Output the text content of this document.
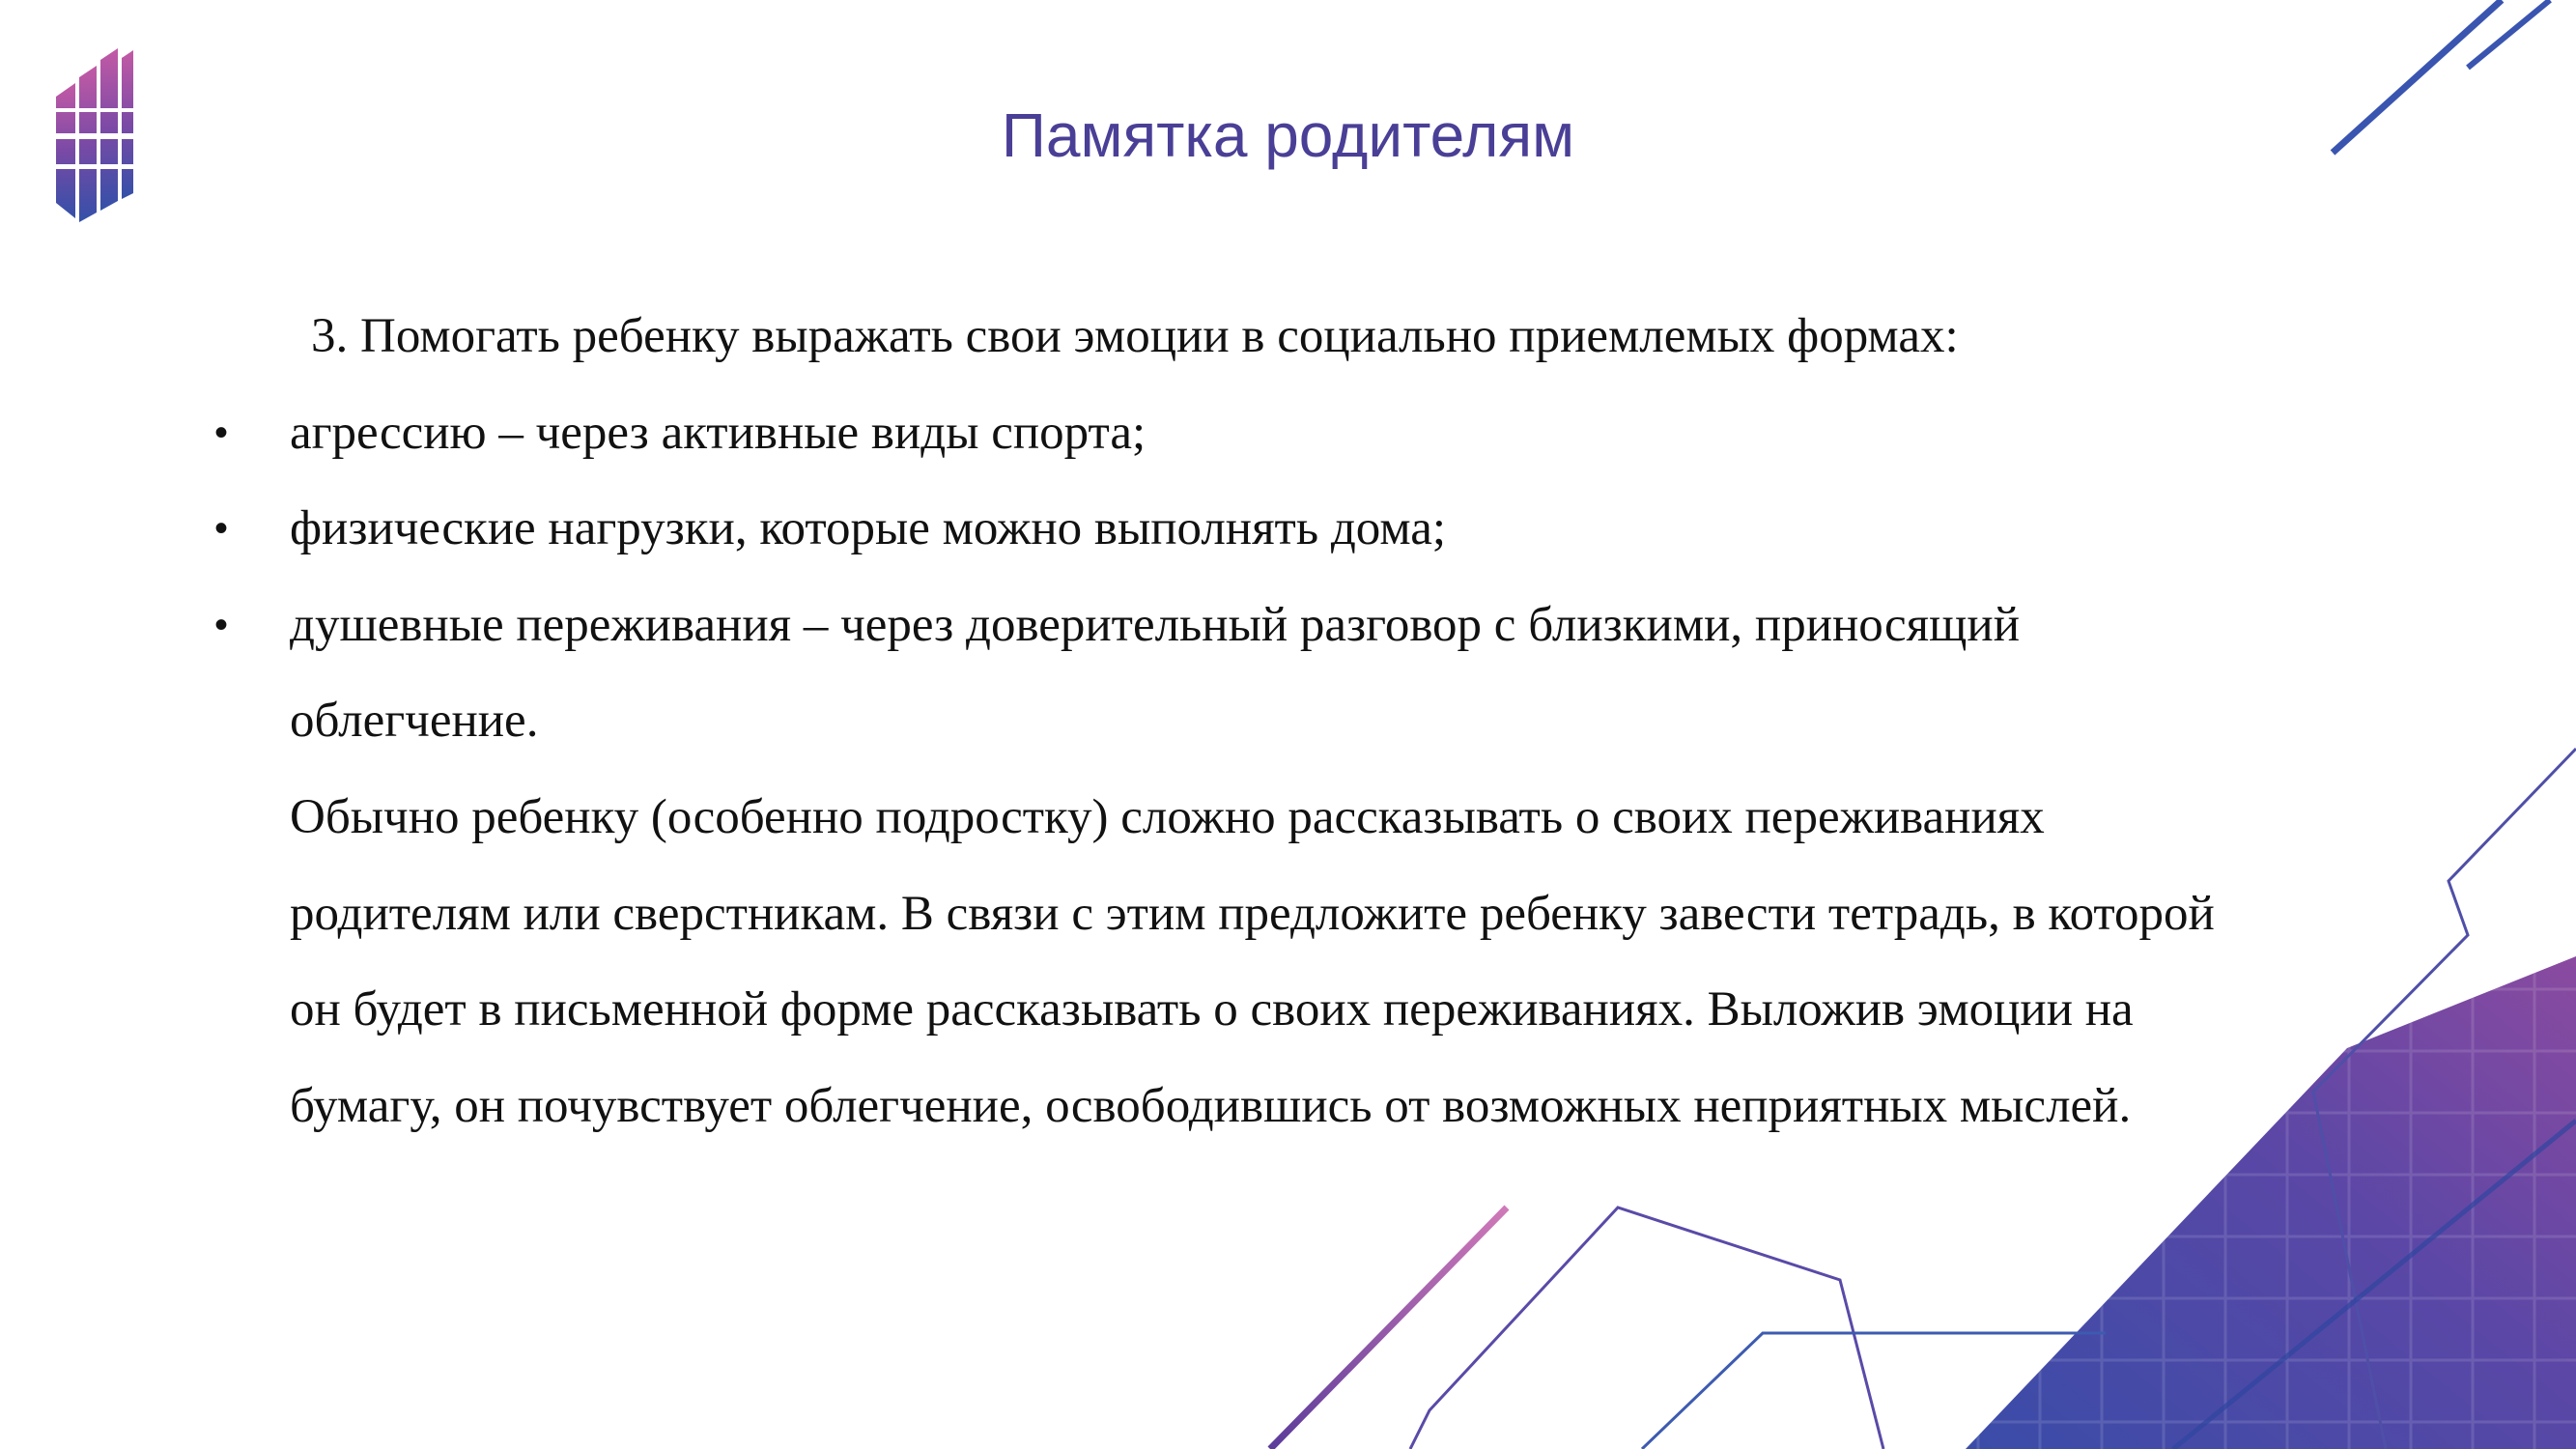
Памятка родителям
3. Помогать ребенку выражать свои эмоции в социально приемлемых формах:
•	агрессию – через активные виды спорта;
•	физические нагрузки, которые можно выполнять дома;
•	душевные переживания – через доверительный разговор с близкими, приносящий
облегчение.
Обычно ребенку (особенно подростку) сложно рассказывать о своих переживаниях
родителям или сверстникам. В связи с этим предложите ребенку завести тетрадь, в которой
он будет в письменной форме рассказывать о своих переживаниях. Выложив эмоции на
бумагу, он почувствует облегчение, освободившись от возможных неприятных мыслей.
